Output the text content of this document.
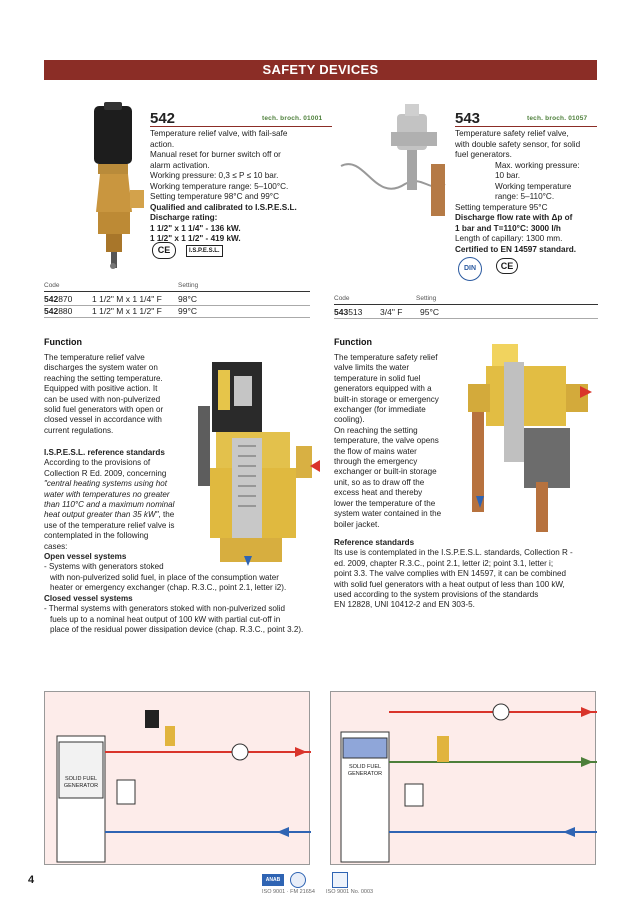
SAFETY DEVICES
542	tech. broch. 01001
Temperature relief valve, with fail-safe
action.
Manual reset for burner switch off or
alarm activation.
Working pressure: 0,3 ≤ P ≤ 10 bar.
Working temperature range: 5–100°C.
Setting temperature 98°C and 99°C
Qualified and calibrated to I.S.P.E.S.L.
Discharge rating:
1 1/2" x 1 1/4" - 136 kW.
1 1/2" x 1 1/2" - 419 kW.
CE	I.S.P.E.S.L.
Code	Setting
542870 1 1/2" M x 1 1/4" F 98°C
542880 1 1/2" M x 1 1/2" F 99°C
543	tech. broch. 01057
Temperature safety relief valve,
with double safety sensor, for solid
fuel generators.
Max. working pressure:
10 bar.
Working temperature
range: 5–110°C.
Setting temperature 95°C
Discharge flow rate with Δp of
1 bar and T=110°C: 3000 l/h
Length of capillary: 1300 mm.
Certified to EN 14597 standard.
DIN	CE
Code	Setting
543513 3/4" F 95°C
Function
The temperature relief valve
discharges the system water on
reaching the setting temperature.
Equipped with positive action. It
can be used with non-pulverized
solid fuel generators with open or
closed vessel in accordance with
current regulations.
I.S.P.E.S.L. reference standards
According to the provisions of
Collection R Ed. 2009, concerning
"central heating systems using hot
water with temperatures no greater
than 110°C and a maximum nominal
heat output greater than 35 kW", the
use of the temperature relief valve is
contemplated in the following
cases:
Open vessel systems
- Systems with generators stoked
with non-pulverized solid fuel, in place of the consumption water
heater or emergency exchanger (chap. R.3.C., point 2.1, letter i2).
Closed vessel systems
- Thermal systems with generators stoked with non-pulverized solid
fuels up to a nominal heat output of 100 kW with partial cut-off in
place of the residual power dissipation device (chap. R.3.C., point 3.2).
Function
The temperature safety relief
valve limits the water
temperature in solid fuel
generators equipped with a
built-in storage or emergency
exchanger (for immediate
cooling).
On reaching the setting
temperature, the valve opens
the flow of mains water
through the emergency
exchanger or built-in storage
unit, so as to draw off the
excess heat and thereby
lower the temperature of the
system water contained in the
boiler jacket.
Reference standards
Its use is contemplated in the I.S.P.E.S.L. standards, Collection R -
ed. 2009, chapter R.3.C., point 2.1, letter i2; point 3.1, letter i;
point 3.3. The valve complies with EN 14597, it can be combined
with solid fuel generators with a heat output of less than 100 kW,
used according to the system provisions of the standards
EN 12828, UNI 10412-2 and EN 303-5.
SOLID FUEL
GENERATOR
SOLID FUEL
GENERATOR
4	ANAB
ISO 9001 · FM 21654 ISO 9001 No. 0003
